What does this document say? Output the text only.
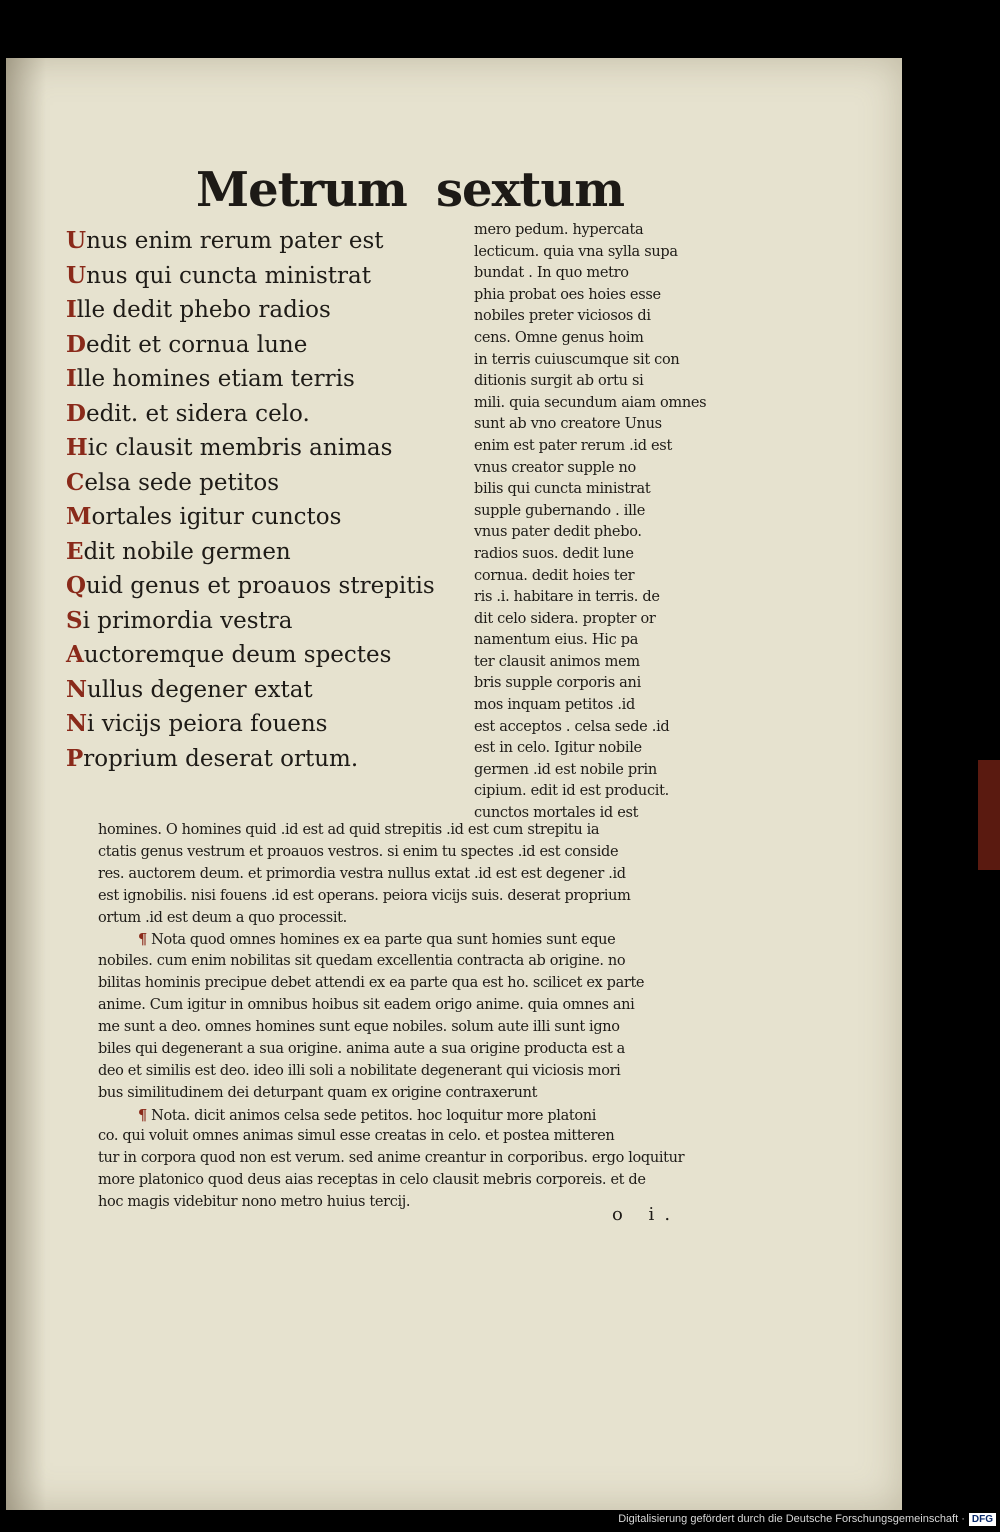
Metrum sextum
Unus enim rerum pater est
Unus qui cuncta ministrat
Ille dedit phebo radios
Dedit et cornua lune
Ille homines etiam terris
Dedit. et sidera celo.
Hic clausit membris animas
Celsa sede petitos
Mortales igitur cunctos
Edit nobile germen
Quid genus et proauos strepitis
Si primordia vestra
Auctoremque deum spectes
Nullus degener extat
Ni vicijs peiora fouens
Proprium deserat ortum.
mero pedum. hypercata
lecticum. quia vna sylla supa
bundat . In quo metro
phia probat oes hoies esse
nobiles preter viciosos di
cens. Omne genus hoim
in terris cuiuscumque sit con
ditionis surgit ab ortu si
mili. quia secundum aiam omnes
sunt ab vno creatore Unus
enim est pater rerum .id est
vnus creator supple no
bilis qui cuncta ministrat
supple gubernando . ille
vnus pater dedit phebo.
radios suos. dedit lune
cornua. dedit hoies ter
ris .i. habitare in terris. de
dit celo sidera. propter or
namentum eius. Hic pa
ter clausit animos mem
bris supple corporis ani
mos inquam petitos .id
est acceptos . celsa sede .id
est in celo. Igitur nobile
germen .id est nobile prin
cipium. edit id est producit.
cunctos mortales id est
homines. O homines quid .id est ad quid strepitis .id est cum strepitu ia
ctatis genus vestrum et proauos vestros. si enim tu spectes .id est conside
res. auctorem deum. et primordia vestra nullus extat .id est est degener .id
est ignobilis. nisi fouens .id est operans. peiora vicijs suis. deserat proprium
ortum .id est deum a quo processit.
¶ Nota quod omnes homines ex ea parte qua sunt homies sunt eque
nobiles. cum enim nobilitas sit quedam excellentia contracta ab origine. no
bilitas hominis precipue debet attendi ex ea parte qua est ho. scilicet ex parte
anime. Cum igitur in omnibus hoibus sit eadem origo anime. quia omnes ani
me sunt a deo. omnes homines sunt eque nobiles. solum aute illi sunt igno
biles qui degenerant a sua origine. anima aute a sua origine producta est a
deo et similis est deo. ideo illi soli a nobilitate degenerant qui viciosis mori
bus similitudinem dei deturpant quam ex origine contraxerunt
¶ Nota. dicit animos celsa sede petitos. hoc loquitur more platoni
co. qui voluit omnes animas simul esse creatas in celo. et postea mitteren
tur in corpora quod non est verum. sed anime creantur in corporibus. ergo loquitur
more platonico quod deus aias receptas in celo clausit mebris corporeis. et de
hoc magis videbitur nono metro huius tercij.
o i.
Digitalisierung gefördert durch die Deutsche Forschungsgemeinschaft · DFG
